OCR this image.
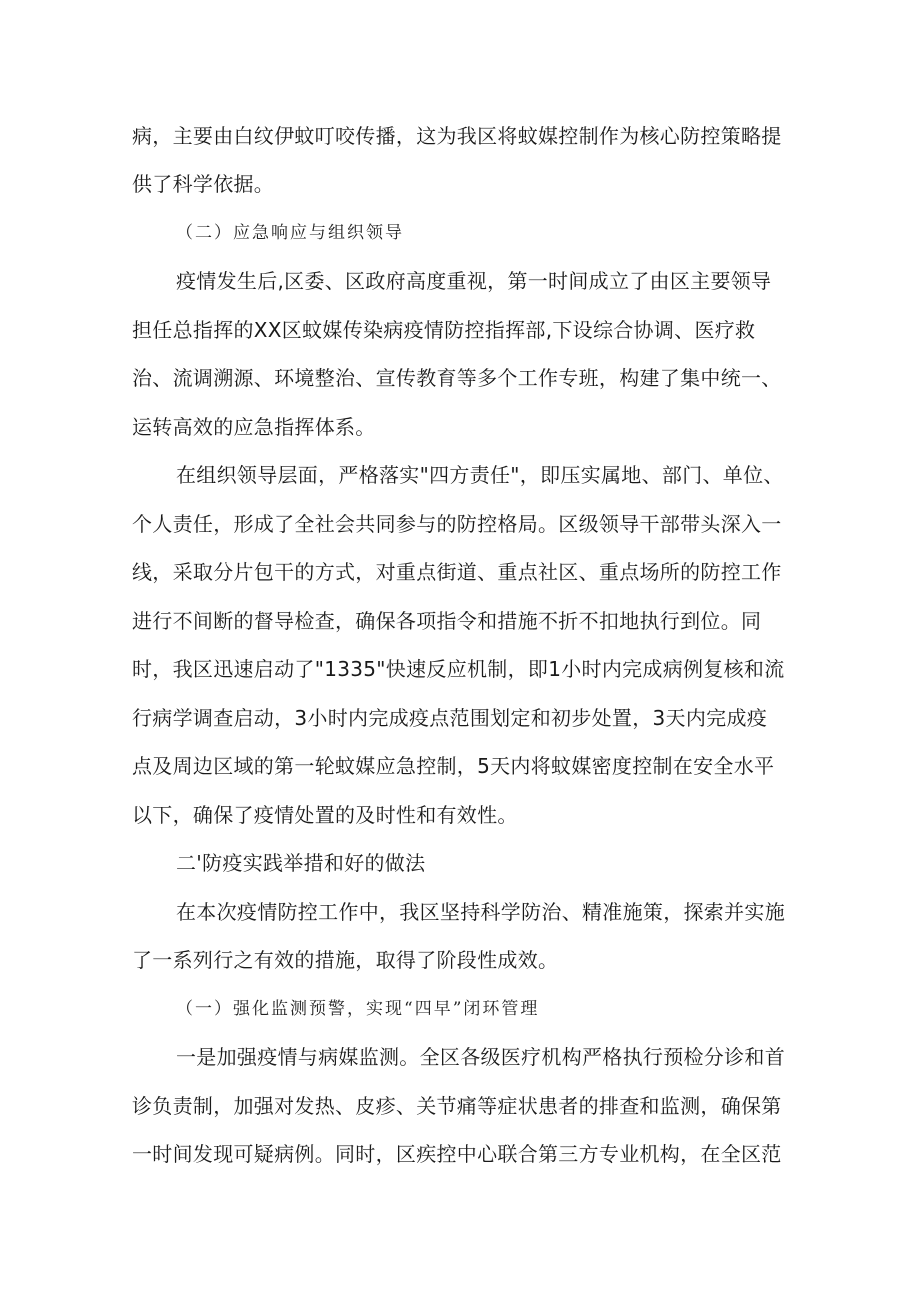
病，主要由白纹伊蚊叮咬传播，这为我区将蚊媒控制作为核心防控策略提
供了科学依据。
（二）应急响应与组织领导
疫情发生后,区委、区政府高度重视，第一时间成立了由区主要领导
担任总指挥的XX区蚊媒传染病疫情防控指挥部,下设综合协调、医疗救
治、流调溯源、环境整治、宣传教育等多个工作专班，构建了集中统一、
运转高效的应急指挥体系。
在组织领导层面，严格落实"四方责任"，即压实属地、部门、单位、
个人责任，形成了全社会共同参与的防控格局。区级领导干部带头深入一
线，采取分片包干的方式，对重点街道、重点社区、重点场所的防控工作
进行不间断的督导检查，确保各项指令和措施不折不扣地执行到位。同
时，我区迅速启动了"1335"快速反应机制，即1小时内完成病例复核和流
行病学调查启动，3小时内完成疫点范围划定和初步处置，3天内完成疫
点及周边区域的第一轮蚊媒应急控制，5天内将蚊媒密度控制在安全水平
以下，确保了疫情处置的及时性和有效性。
二'防疫实践举措和好的做法
在本次疫情防控工作中，我区坚持科学防治、精准施策，探索并实施
了一系列行之有效的措施，取得了阶段性成效。
（一）强化监测预警，实现“四早”闭环管理
一是加强疫情与病媒监测。全区各级医疗机构严格执行预检分诊和首
诊负责制，加强对发热、皮疹、关节痛等症状患者的排查和监测，确保第
一时间发现可疑病例。同时，区疾控中心联合第三方专业机构，在全区范
